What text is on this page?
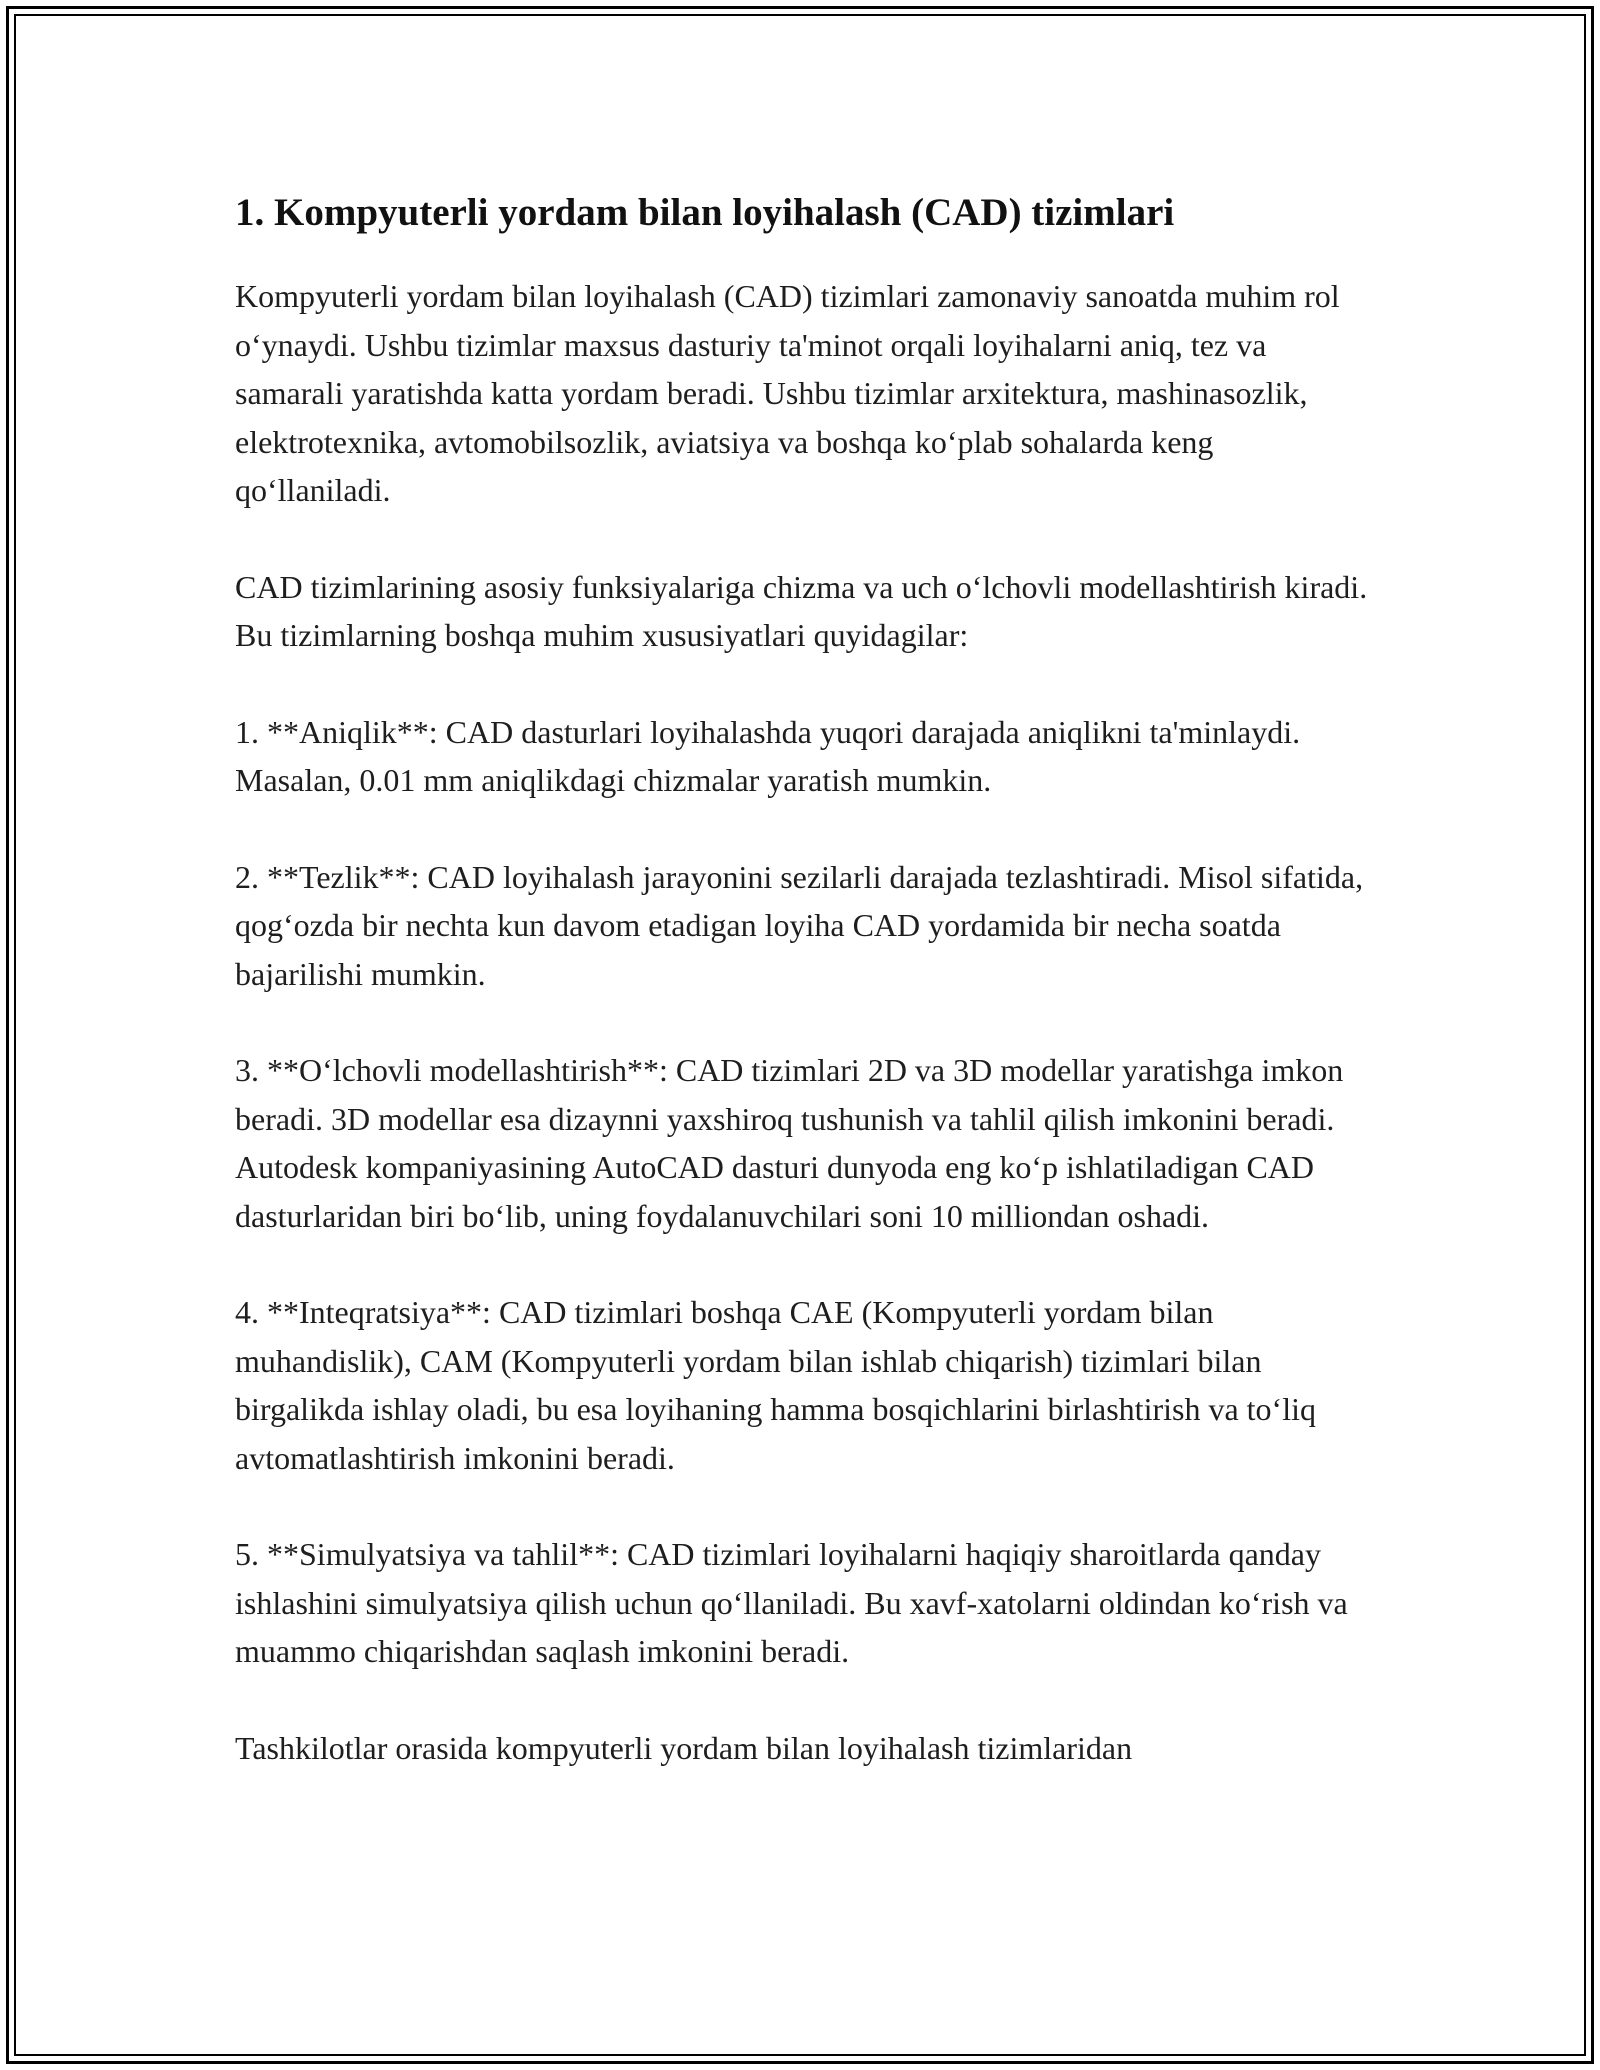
1. Kompyuterli yordam bilan loyihalash (CAD) tizimlari

Kompyuterli yordam bilan loyihalash (CAD) tizimlari zamonaviy sanoatda muhim rol o‘ynaydi. Ushbu tizimlar maxsus dasturiy ta'minot orqali loyihalarni aniq, tez va samarali yaratishda katta yordam beradi. Ushbu tizimlar arxitektura, mashinasozlik, elektrotexnika, avtomobilsozlik, aviatsiya va boshqa ko‘plab sohalarda keng qo‘llaniladi.

CAD tizimlarining asosiy funksiyalariga chizma va uch o‘lchovli modellashtirish kiradi. Bu tizimlarning boshqa muhim xususiyatlari quyidagilar:

1. **Aniqlik**: CAD dasturlari loyihalashda yuqori darajada aniqlikni ta'minlaydi. Masalan, 0.01 mm aniqlikdagi chizmalar yaratish mumkin.

2. **Tezlik**: CAD loyihalash jarayonini sezilarli darajada tezlashtiradi. Misol sifatida, qog‘ozda bir nechta kun davom etadigan loyiha CAD yordamida bir necha soatda bajarilishi mumkin.

3. **O‘lchovli modellashtirish**: CAD tizimlari 2D va 3D modellar yaratishga imkon beradi. 3D modellar esa dizaynni yaxshiroq tushunish va tahlil qilish imkonini beradi. Autodesk kompaniyasining AutoCAD dasturi dunyoda eng ko‘p ishlatiladigan CAD dasturlaridan biri bo‘lib, uning foydalanuvchilari soni 10 milliondan oshadi.

4. **Inteqratsiya**: CAD tizimlari boshqa CAE (Kompyuterli yordam bilan muhandislik), CAM (Kompyuterli yordam bilan ishlab chiqarish) tizimlari bilan birgalikda ishlay oladi, bu esa loyihaning hamma bosqichlarini birlashtirish va to‘liq avtomatlashtirish imkonini beradi.

5. **Simulyatsiya va tahlil**: CAD tizimlari loyihalarni haqiqiy sharoitlarda qanday ishlashini simulyatsiya qilish uchun qo‘llaniladi. Bu xavf-xatolarni oldindan ko‘rish va muammo chiqarishdan saqlash imkonini beradi.

Tashkilotlar orasida kompyuterli yordam bilan loyihalash tizimlaridan
